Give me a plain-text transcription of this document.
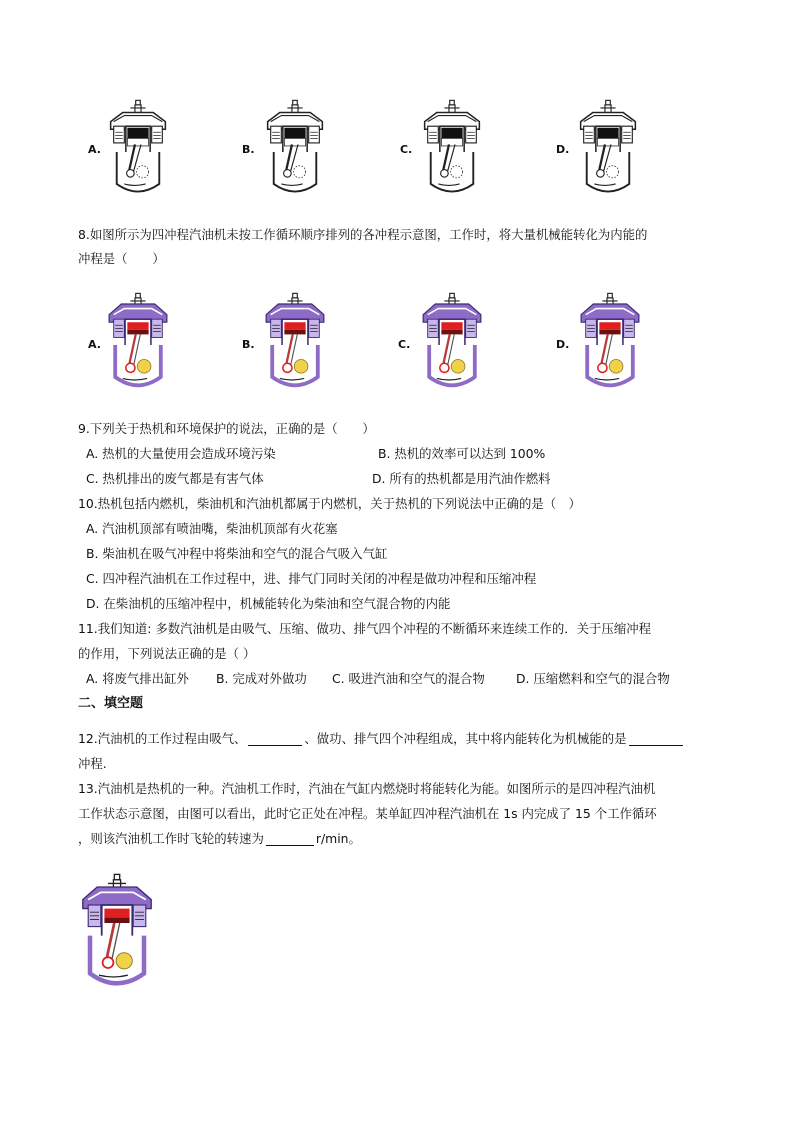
A.	B.	C.	D.
8.如图所示为四冲程汽油机未按工作循环顺序排列的各冲程示意图，工作时，将大量机械能转化为内能的
冲程是（　　）
A.	B.	C.	D.
9.下列关于热机和环境保护的说法，正确的是（　　）
A. 热机的大量使用会造成环境污染	B. 热机的效率可以达到 100%
C. 热机排出的废气都是有害气体	D. 所有的热机都是用汽油作燃料
10.热机包括内燃机，柴油机和汽油机都属于内燃机，关于热机的下列说法中正确的是（　）
A. 汽油机顶部有喷油嘴，柴油机顶部有火花塞
B. 柴油机在吸气冲程中将柴油和空气的混合气吸入气缸
C. 四冲程汽油机在工作过程中，进、排气门同时关闭的冲程是做功冲程和压缩冲程
D. 在柴油机的压缩冲程中，机械能转化为柴油和空气混合物的内能
11.我们知道: 多数汽油机是由吸气、压缩、做功、排气四个冲程的不断循环来连续工作的．关于压缩冲程
的作用，下列说法正确的是（ ）
A. 将废气排出缸外 B. 完成对外做功 C. 吸进汽油和空气的混合物	D. 压缩燃料和空气的混合物
二、填空题
12.汽油机的工作过程由吸气、	、做功、排气四个冲程组成，其中将内能转化为机械能的是
冲程.
13.汽油机是热机的一种。汽油机工作时，汽油在气缸内燃烧时将能转化为能。如图所示的是四冲程汽油机
工作状态示意图，由图可以看出，此时它正处在冲程。某单缸四冲程汽油机在 1s 内完成了 15 个工作循环
，则该汽油机工作时飞轮的转速为	r/min。
